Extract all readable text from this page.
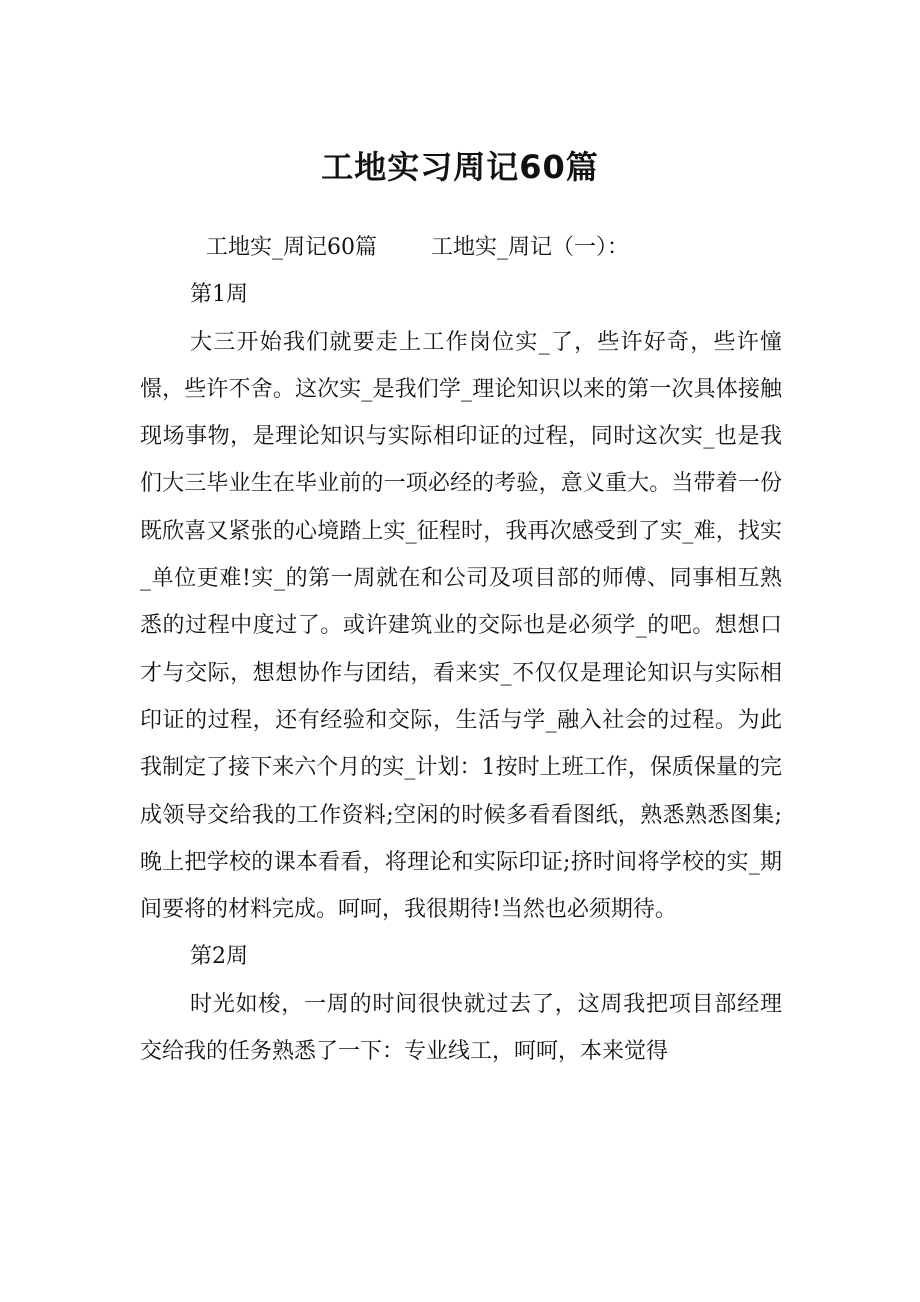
工地实习周记60篇

工地实_周记60篇 工地实_周记（一）：

第1周

大三开始我们就要走上工作岗位实_了，些许好奇，些许憧憬，些许不舍。这次实_是我们学_理论知识以来的第一次具体接触现场事物，是理论知识与实际相印证的过程，同时这次实_也是我们大三毕业生在毕业前的一项必经的考验，意义重大。当带着一份既欣喜又紧张的心境踏上实_征程时，我再次感受到了实_难，找实_单位更难!实_的第一周就在和公司及项目部的师傅、同事相互熟悉的过程中度过了。或许建筑业的交际也是必须学_的吧。想想口才与交际，想想协作与团结，看来实_不仅仅是理论知识与实际相印证的过程，还有经验和交际，生活与学_融入社会的过程。为此我制定了接下来六个月的实_计划：1按时上班工作，保质保量的完成领导交给我的工作资料;空闲的时候多看看图纸，熟悉熟悉图集;晚上把学校的课本看看，将理论和实际印证;挤时间将学校的实_期间要将的材料完成。呵呵，我很期待!当然也必须期待。

第2周

时光如梭，一周的时间很快就过去了，这周我把项目部经理交给我的任务熟悉了一下：专业线工，呵呵，本来觉得
